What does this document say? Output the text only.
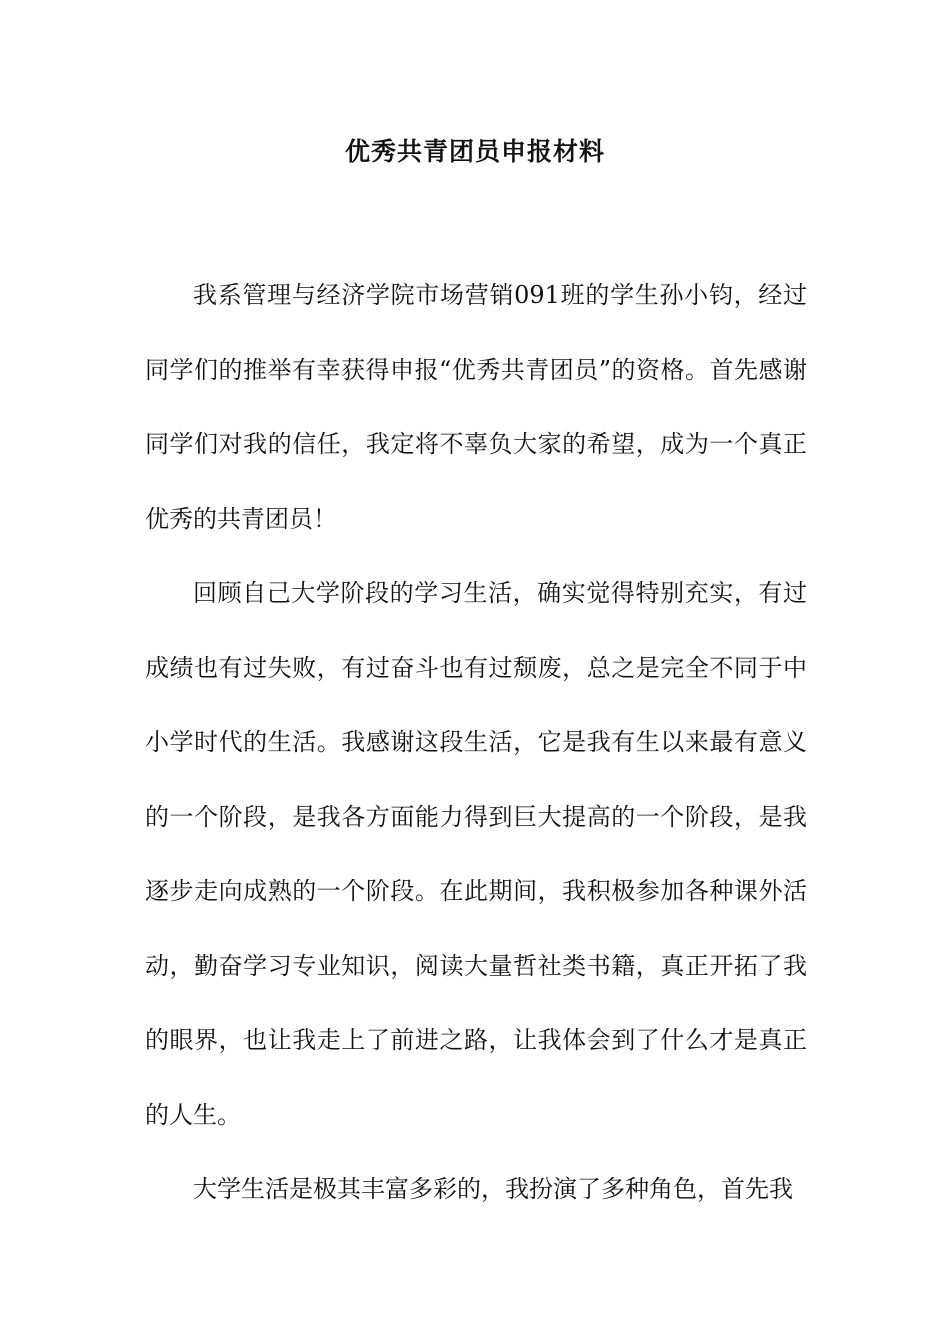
优秀共青团员申报材料

我系管理与经济学院市场营销091班的学生孙小钧，经过同学们的推举有幸获得申报“优秀共青团员”的资格。首先感谢同学们对我的信任，我定将不辜负大家的希望，成为一个真正优秀的共青团员！

回顾自己大学阶段的学习生活，确实觉得特别充实，有过成绩也有过失败，有过奋斗也有过颓废，总之是完全不同于中小学时代的生活。我感谢这段生活，它是我有生以来最有意义的一个阶段，是我各方面能力得到巨大提高的一个阶段，是我逐步走向成熟的一个阶段。在此期间，我积极参加各种课外活动，勤奋学习专业知识，阅读大量哲社类书籍，真正开拓了我的眼界，也让我走上了前进之路，让我体会到了什么才是真正的人生。

大学生活是极其丰富多彩的，我扮演了多种角色，首先我
